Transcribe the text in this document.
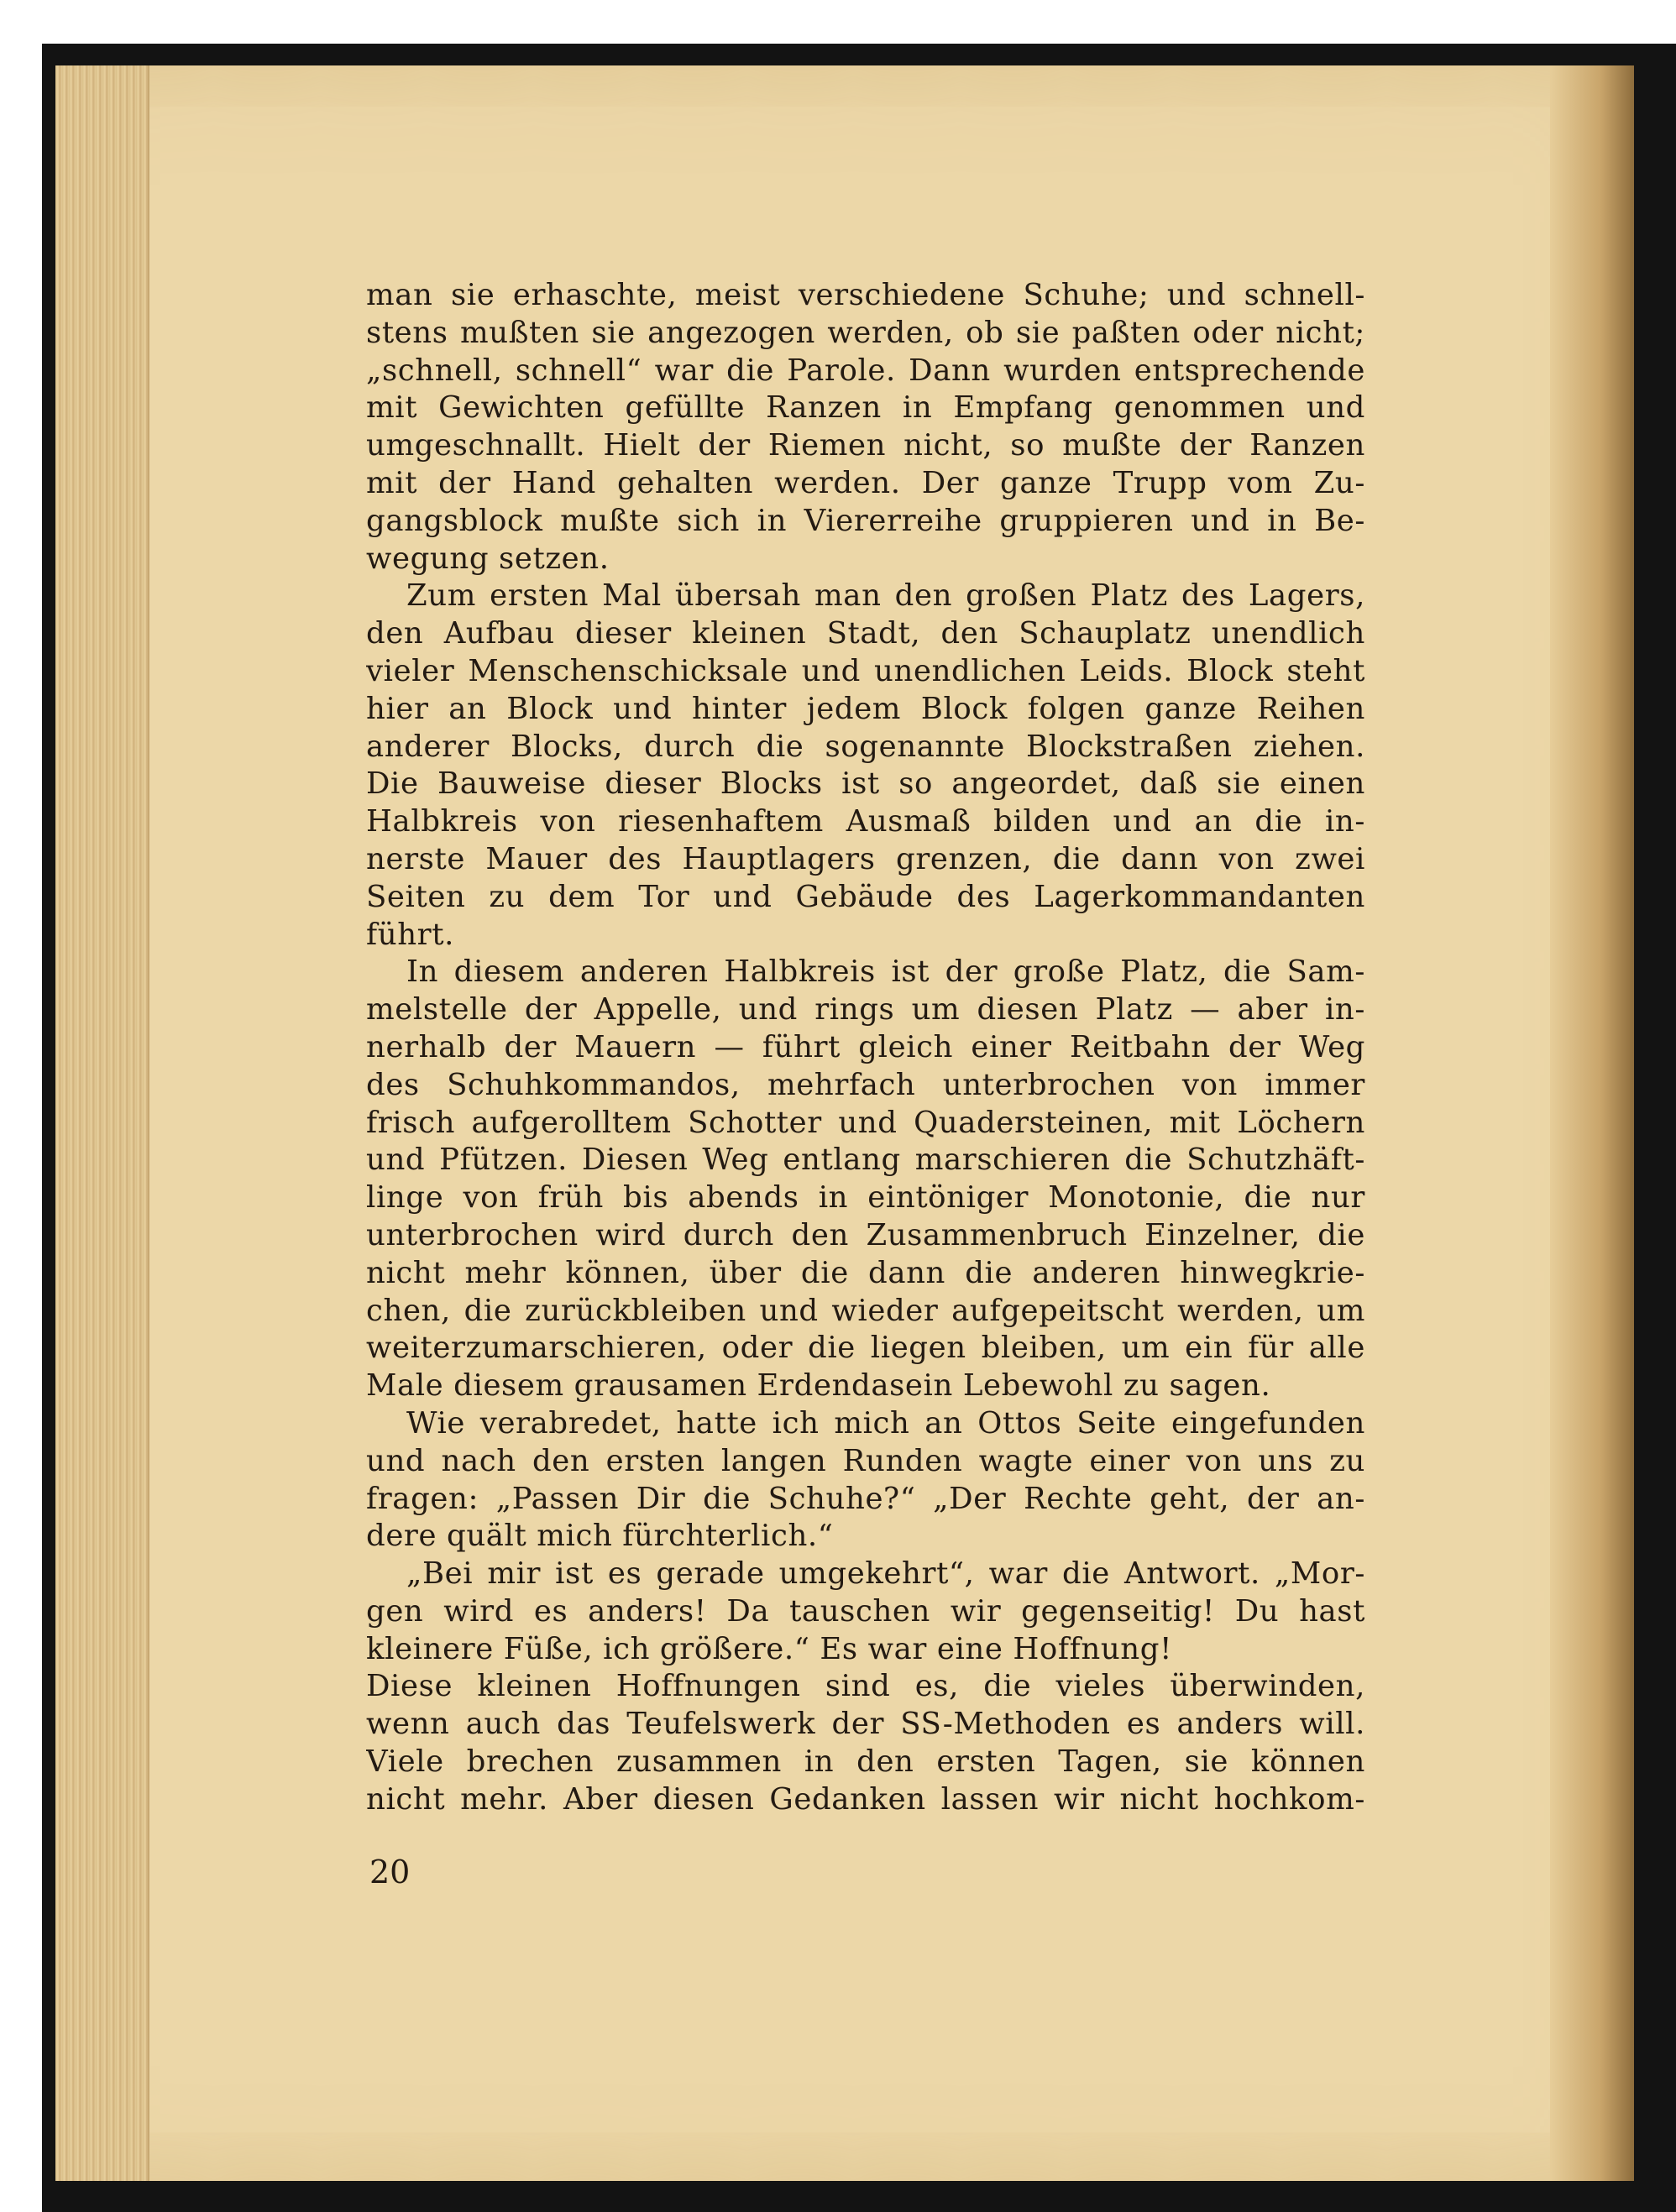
man sie erhaschte, meist verschiedene Schuhe; und schnell-
stens mußten sie angezogen werden, ob sie paßten oder nicht;
„schnell, schnell“ war die Parole. Dann wurden entsprechende
mit Gewichten gefüllte Ranzen in Empfang genommen und
umgeschnallt. Hielt der Riemen nicht, so mußte der Ranzen
mit der Hand gehalten werden. Der ganze Trupp vom Zu-
gangsblock mußte sich in Viererreihe gruppieren und in Be-
wegung setzen.
Zum ersten Mal übersah man den großen Platz des Lagers,
den Aufbau dieser kleinen Stadt, den Schauplatz unendlich
vieler Menschenschicksale und unendlichen Leids. Block steht
hier an Block und hinter jedem Block folgen ganze Reihen
anderer Blocks, durch die sogenannte Blockstraßen ziehen.
Die Bauweise dieser Blocks ist so angeordet, daß sie einen
Halbkreis von riesenhaftem Ausmaß bilden und an die in-
nerste Mauer des Hauptlagers grenzen, die dann von zwei
Seiten zu dem Tor und Gebäude des Lagerkommandanten
führt.
In diesem anderen Halbkreis ist der große Platz, die Sam-
melstelle der Appelle, und rings um diesen Platz — aber in-
nerhalb der Mauern — führt gleich einer Reitbahn der Weg
des Schuhkommandos, mehrfach unterbrochen von immer
frisch aufgerolltem Schotter und Quadersteinen, mit Löchern
und Pfützen. Diesen Weg entlang marschieren die Schutzhäft-
linge von früh bis abends in eintöniger Monotonie, die nur
unterbrochen wird durch den Zusammenbruch Einzelner, die
nicht mehr können, über die dann die anderen hinwegkrie-
chen, die zurückbleiben und wieder aufgepeitscht werden, um
weiterzumarschieren, oder die liegen bleiben, um ein für alle
Male diesem grausamen Erdendasein Lebewohl zu sagen.
Wie verabredet, hatte ich mich an Ottos Seite eingefunden
und nach den ersten langen Runden wagte einer von uns zu
fragen: „Passen Dir die Schuhe?“ „Der Rechte geht, der an-
dere quält mich fürchterlich.“
„Bei mir ist es gerade umgekehrt“, war die Antwort. „Mor-
gen wird es anders! Da tauschen wir gegenseitig! Du hast
kleinere Füße, ich größere.“ Es war eine Hoffnung!
Diese kleinen Hoffnungen sind es, die vieles überwinden,
wenn auch das Teufelswerk der SS-Methoden es anders will.
Viele brechen zusammen in den ersten Tagen, sie können
nicht mehr. Aber diesen Gedanken lassen wir nicht hochkom-
20
